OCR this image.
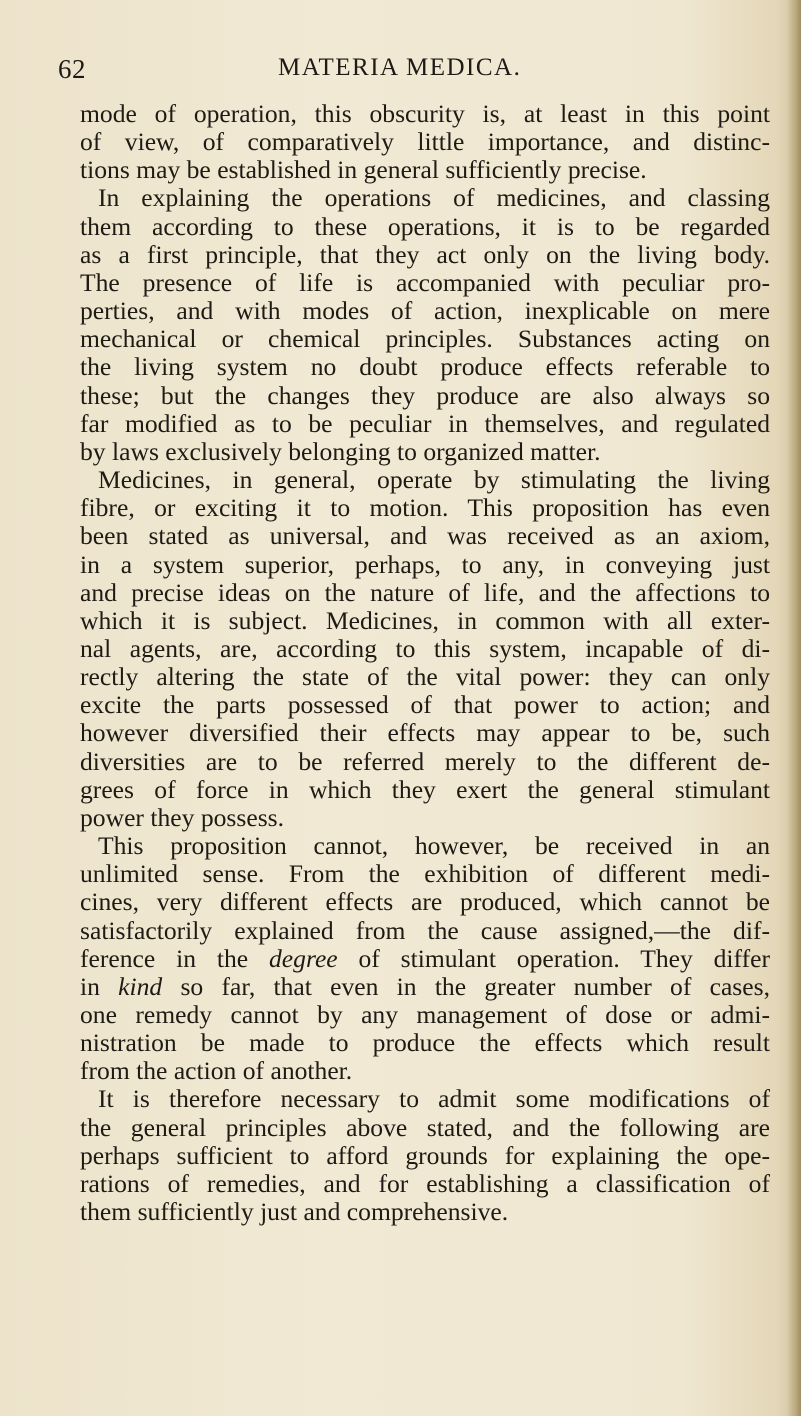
62	MATERIA MEDICA.
mode of operation, this obscurity is, at least in this point
of view, of comparatively little importance, and distinc-
tions may be established in general sufficiently precise.
In explaining the operations of medicines, and classing
them according to these operations, it is to be regarded
as a first principle, that they act only on the living body.
The presence of life is accompanied with peculiar pro-
perties, and with modes of action, inexplicable on mere
mechanical or chemical principles. Substances acting on
the living system no doubt produce effects referable to
these; but the changes they produce are also always so
far modified as to be peculiar in themselves, and regulated
by laws exclusively belonging to organized matter.
Medicines, in general, operate by stimulating the living
fibre, or exciting it to motion. This proposition has even
been stated as universal, and was received as an axiom,
in a system superior, perhaps, to any, in conveying just
and precise ideas on the nature of life, and the affections to
which it is subject. Medicines, in common with all exter-
nal agents, are, according to this system, incapable of di-
rectly altering the state of the vital power: they can only
excite the parts possessed of that power to action; and
however diversified their effects may appear to be, such
diversities are to be referred merely to the different de-
grees of force in which they exert the general stimulant
power they possess.
This proposition cannot, however, be received in an
unlimited sense. From the exhibition of different medi-
cines, very different effects are produced, which cannot be
satisfactorily explained from the cause assigned,—the dif-
ference in the degree of stimulant operation. They differ
in kind so far, that even in the greater number of cases,
one remedy cannot by any management of dose or admi-
nistration be made to produce the effects which result
from the action of another.
It is therefore necessary to admit some modifications of
the general principles above stated, and the following are
perhaps sufficient to afford grounds for explaining the ope-
rations of remedies, and for establishing a classification of
them sufficiently just and comprehensive.
